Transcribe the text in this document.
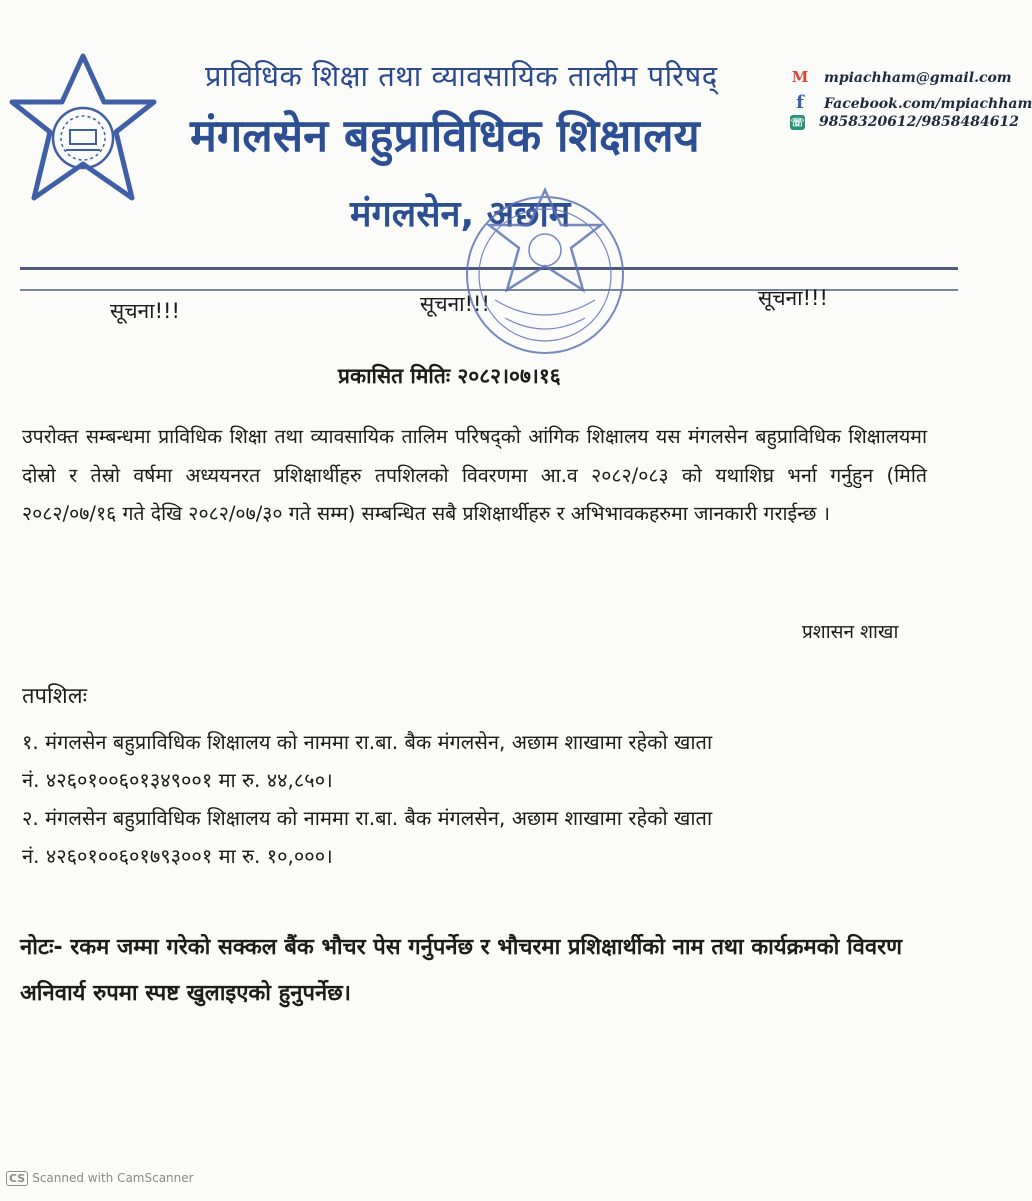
प्राविधिक शिक्षा तथा व्यावसायिक तालीम परिषद्
मंगलसेन बहुप्राविधिक शिक्षालय
मंगलसेन, अछाम
M mpiachham@gmail.com
f Facebook.com/mpiachham
☏ 9858320612/9858484612
सूचना!!!	सूचना!!!	सूचना!!!
प्रकासित मितिः २०८२।०७।१६
उपरोक्त सम्बन्धमा प्राविधिक शिक्षा तथा व्यावसायिक तालिम परिषद्को आंगिक शिक्षालय यस मंगलसेन बहुप्राविधिक शिक्षालयमा दोस्रो र तेस्रो वर्षमा अध्ययनरत प्रशिक्षार्थीहरु तपशिलको विवरणमा आ.व २०८२/०८३ को यथाशिघ्र भर्ना गर्नुहुन (मिति २०८२/०७/१६ गते देखि २०८२/०७/३० गते सम्म) सम्बन्धित सबै प्रशिक्षार्थीहरु र अभिभावकहरुमा जानकारी गराईन्छ ।
प्रशासन शाखा
तपशिलः
१. मंगलसेन बहुप्राविधिक शिक्षालय को नाममा रा.बा. बैक मंगलसेन, अछाम शाखामा रहेको खाता
नं. ४२६०१००६०१३४९००१ मा रु. ४४,८५०।
२. मंगलसेन बहुप्राविधिक शिक्षालय को नाममा रा.बा. बैक मंगलसेन, अछाम शाखामा रहेको खाता
नं. ४२६०१००६०१७९३००१ मा रु. १०,०००।
नोटः- रकम जम्मा गरेको सक्कल बैंक भौचर पेस गर्नुपर्नेछ र भौचरमा प्रशिक्षार्थीको नाम तथा कार्यक्रमको विवरण अनिवार्य रुपमा स्पष्ट खुलाइएको हुनुपर्नेछ।
CS Scanned with CamScanner
